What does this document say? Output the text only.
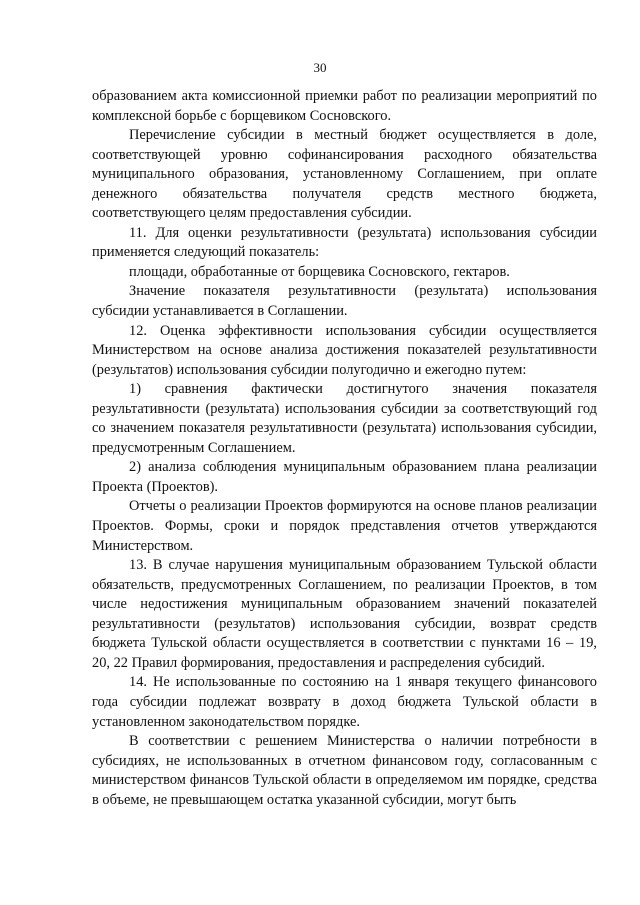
30

образованием акта комиссионной приемки работ по реализации мероприятий по комплексной борьбе с борщевиком Сосновского.

Перечисление субсидии в местный бюджет осуществляется в доле, соответствующей уровню софинансирования расходного обязательства муниципального образования, установленному Соглашением, при оплате денежного обязательства получателя средств местного бюджета, соответствующего целям предоставления субсидии.

11. Для оценки результативности (результата) использования субсидии применяется следующий показатель:

площади, обработанные от борщевика Сосновского, гектаров.

Значение показателя результативности (результата) использования субсидии устанавливается в Соглашении.

12. Оценка эффективности использования субсидии осуществляется Министерством на основе анализа достижения показателей результативности (результатов) использования субсидии полугодично и ежегодно путем:

1) сравнения фактически достигнутого значения показателя результативности (результата) использования субсидии за соответствующий год со значением показателя результативности (результата) использования субсидии, предусмотренным Соглашением.

2) анализа соблюдения муниципальным образованием плана реализации Проекта (Проектов).

Отчеты о реализации Проектов формируются на основе планов реализации Проектов. Формы, сроки и порядок представления отчетов утверждаются Министерством.

13. В случае нарушения муниципальным образованием Тульской области обязательств, предусмотренных Соглашением, по реализации Проектов, в том числе недостижения муниципальным образованием значений показателей результативности (результатов) использования субсидии, возврат средств бюджета Тульской области осуществляется в соответствии с пунктами 16 – 19, 20, 22 Правил формирования, предоставления и распределения субсидий.

14. Не использованные по состоянию на 1 января текущего финансового года субсидии подлежат возврату в доход бюджета Тульской области в установленном законодательством порядке.

В соответствии с решением Министерства о наличии потребности в субсидиях, не использованных в отчетном финансовом году, согласованным с министерством финансов Тульской области в определяемом им порядке, средства в объеме, не превышающем остатка указанной субсидии, могут быть
